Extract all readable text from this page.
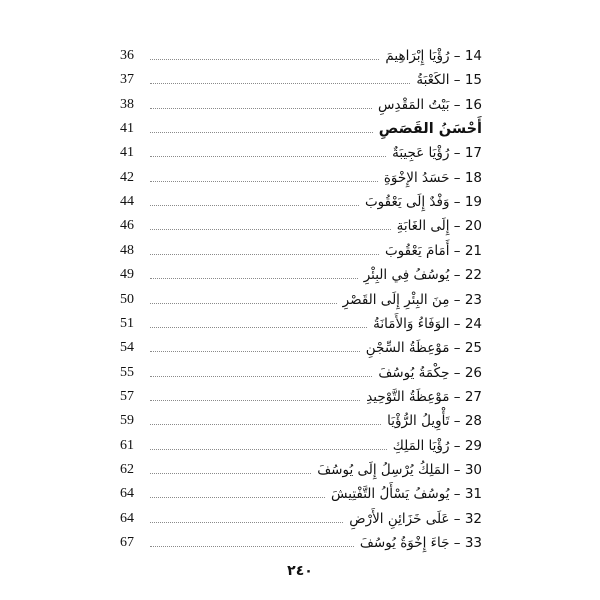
36	14 – رُؤْيَا إِبْرَاهِيمَ
37	15 – الكَعْبَةُ
38	16 – بَيْتُ المَقْدِسِ
41	أَحْسَنُ القَصَصِ
41	17 – رُؤْيَا عَجِيبَةٌ
42	18 – حَسَدُ الإِخْوَةِ
44	19 – وَفْدٌ إِلَى يَعْقُوبَ
46	20 – إِلَى الغَابَةِ
48	21 – أَمَامَ يَعْقُوبَ
49	22 – يُوسُفُ فِي البِئْرِ
50	23 – مِنَ البِئْرِ إِلَى القَصْرِ
51	24 – الوَفَاءُ وَالأَمَانَةُ
54	25 – مَوْعِظَةُ السِّجْنِ
55	26 – حِكْمَةُ يُوسُفَ
57	27 – مَوْعِظَةُ التَّوْحِيدِ
59	28 – تَأْوِيلُ الرُّؤْيَا
61	29 – رُؤْيَا المَلِكِ
62	30 – المَلِكُ يُرْسِلُ إِلَى يُوسُفَ
64	31 – يُوسُفُ يَسْأَلُ التَّفْتِيشَ
64	32 – عَلَى خَزَائِنِ الأَرْضِ
67	33 – جَاءَ إِخْوَةُ يُوسُفَ
٢٤٠
